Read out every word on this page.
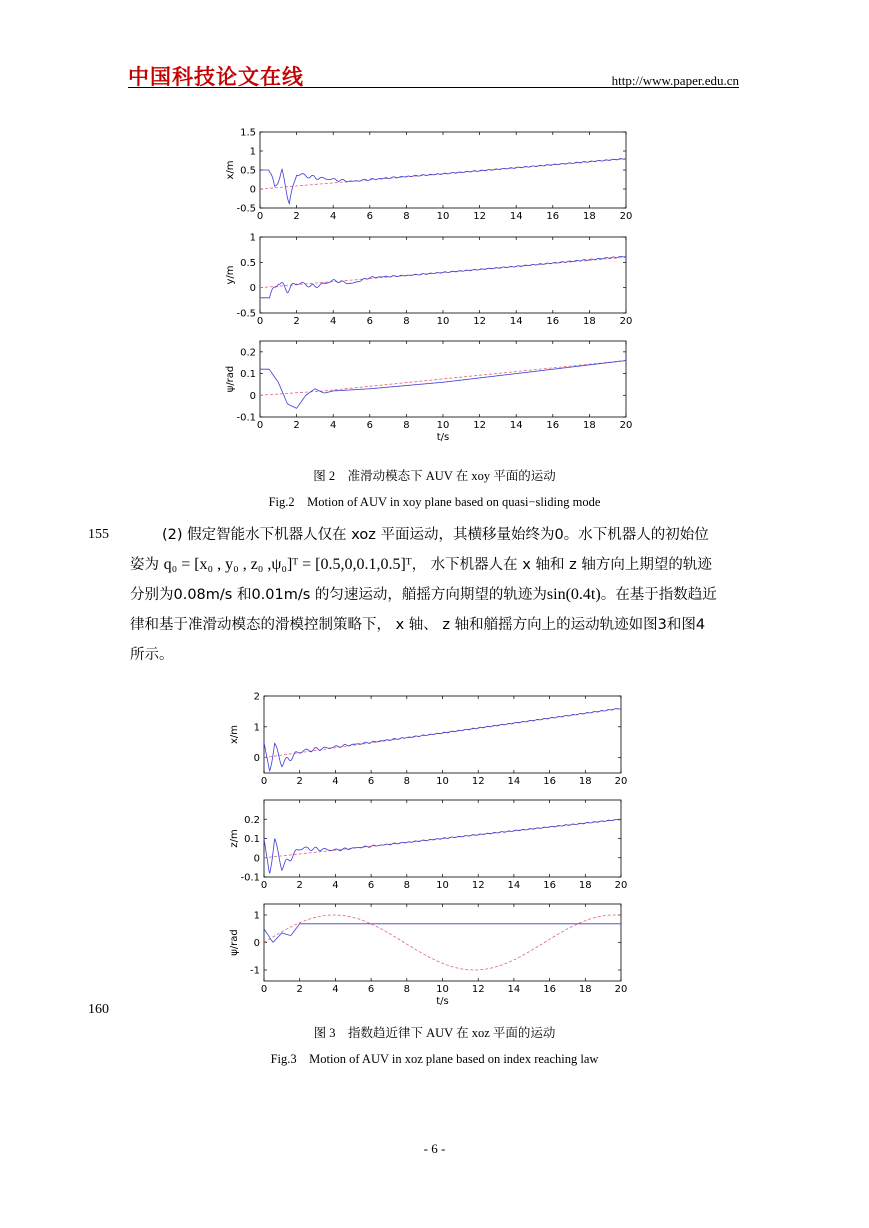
中国科技论文在线	http://www.paper.edu.cn
0	2	4	6	8	10 12 14 16 18 20
-0.5
0
0.5
1
1.5
x/m
0	2	4	6	8	10 12 14 16 18 20
-0.5
0
0.5
1
y/m
0	2	4	6	8	10 12 14 16 18 20
-0.1
0
0.1
0.2
ψ/rad
t/s
图 2　准滑动模态下 AUV 在 xoy 平面的运动
Fig.2　Motion of AUV in xoy plane based on quasi−sliding mode
155	(2) 假定智能水下机器人仅在 xoz 平面运动，其横移量始终为0。水下机器人的初始位
姿为 q₀ = [x₀ , y₀ , z₀ ,ψ₀]ᵀ = [0.5,0,0.1,0.5]ᵀ， 水下机器人在 x 轴和 z 轴方向上期望的轨迹
分别为0.08m/s 和0.01m/s 的匀速运动，艏摇方向期望的轨迹为sin(0.4t)。在基于指数趋近
律和基于准滑动模态的滑模控制策略下， x 轴、 z 轴和艏摇方向上的运动轨迹如图3和图4
所示。
0	2	4	6	8	10 12 14 16 18 20
0
1
2
x/m
0	2	4	6	8	10 12 14 16 18 20
-0.1
0
0.1
0.2
z/m
0	2	4	6	8	10 12 14 16 18 20
-1
0
1
ψ/rad
t/s
160
图 3　指数趋近律下 AUV 在 xoz 平面的运动
Fig.3　Motion of AUV in xoz plane based on index reaching law
- 6 -
